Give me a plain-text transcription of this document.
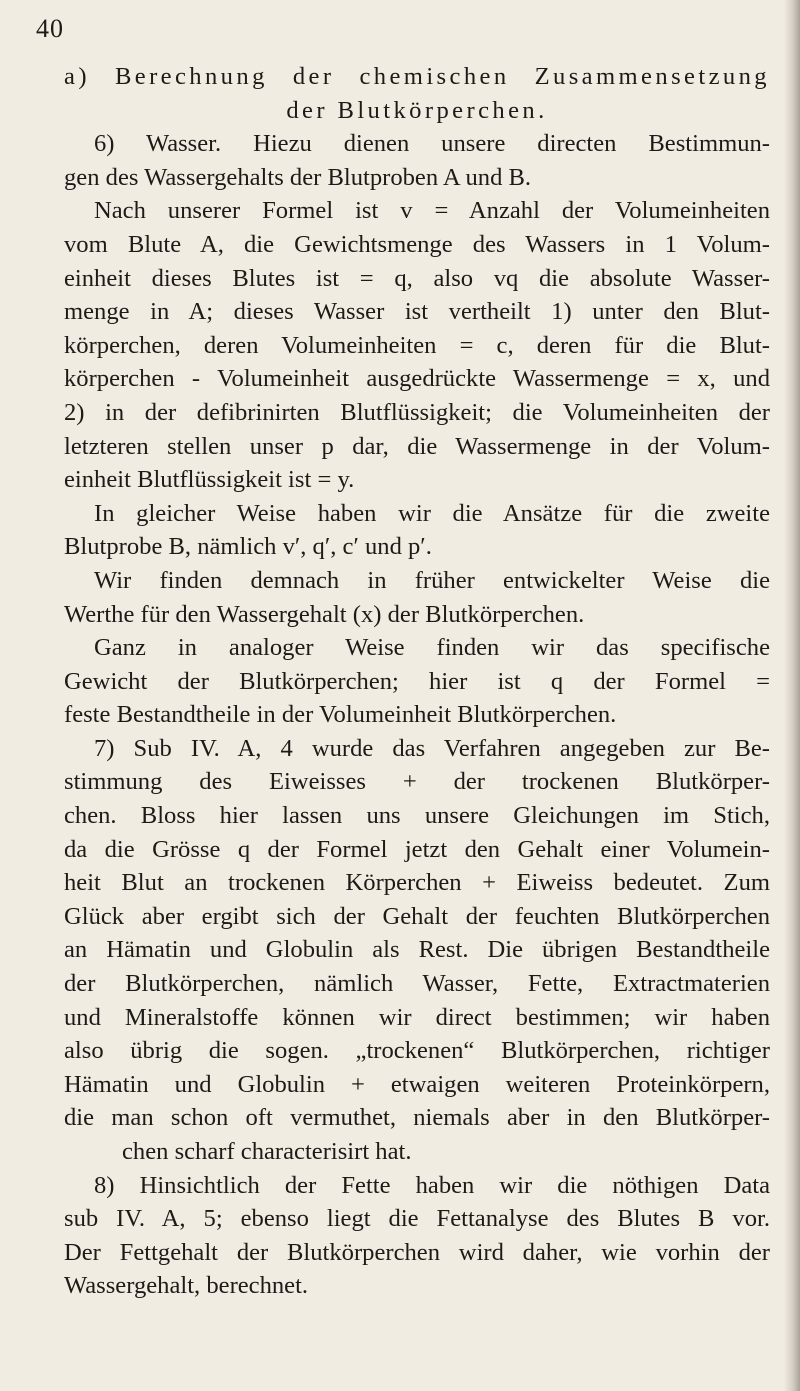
40
a) Berechnung der chemischen Zusammensetzung
der Blutkörperchen.
6) Wasser. Hiezu dienen unsere directen Bestimmun-
gen des Wassergehalts der Blutproben A und B.
Nach unserer Formel ist v = Anzahl der Volumeinheiten
vom Blute A, die Gewichtsmenge des Wassers in 1 Volum-
einheit dieses Blutes ist = q, also vq die absolute Wasser-
menge in A; dieses Wasser ist vertheilt 1) unter den Blut-
körperchen, deren Volumeinheiten = c, deren für die Blut-
körperchen - Volumeinheit ausgedrückte Wassermenge = x, und
2) in der defibrinirten Blutflüssigkeit; die Volumeinheiten der
letzteren stellen unser p dar, die Wassermenge in der Volum-
einheit Blutflüssigkeit ist = y.
In gleicher Weise haben wir die Ansätze für die zweite
Blutprobe B, nämlich v′, q′, c′ und p′.
Wir finden demnach in früher entwickelter Weise die
Werthe für den Wassergehalt (x) der Blutkörperchen.
Ganz in analoger Weise finden wir das specifische
Gewicht der Blutkörperchen; hier ist q der Formel =
feste Bestandtheile in der Volumeinheit Blutkörperchen.
7) Sub IV. A, 4 wurde das Verfahren angegeben zur Be-
stimmung des Eiweisses + der trockenen Blutkörper-
chen. Bloss hier lassen uns unsere Gleichungen im Stich,
da die Grösse q der Formel jetzt den Gehalt einer Volumein-
heit Blut an trockenen Körperchen + Eiweiss bedeutet. Zum
Glück aber ergibt sich der Gehalt der feuchten Blutkörperchen
an Hämatin und Globulin als Rest. Die übrigen Bestandtheile
der Blutkörperchen, nämlich Wasser, Fette, Extractmaterien
und Mineralstoffe können wir direct bestimmen; wir haben
also übrig die sogen. „trockenen“ Blutkörperchen, richtiger
Hämatin und Globulin + etwaigen weiteren Proteinkörpern,
die man schon oft vermuthet, niemals aber in den Blutkörper-
chen scharf characterisirt hat.
8) Hinsichtlich der Fette haben wir die nöthigen Data
sub IV. A, 5; ebenso liegt die Fettanalyse des Blutes B vor.
Der Fettgehalt der Blutkörperchen wird daher, wie vorhin der
Wassergehalt, berechnet.
